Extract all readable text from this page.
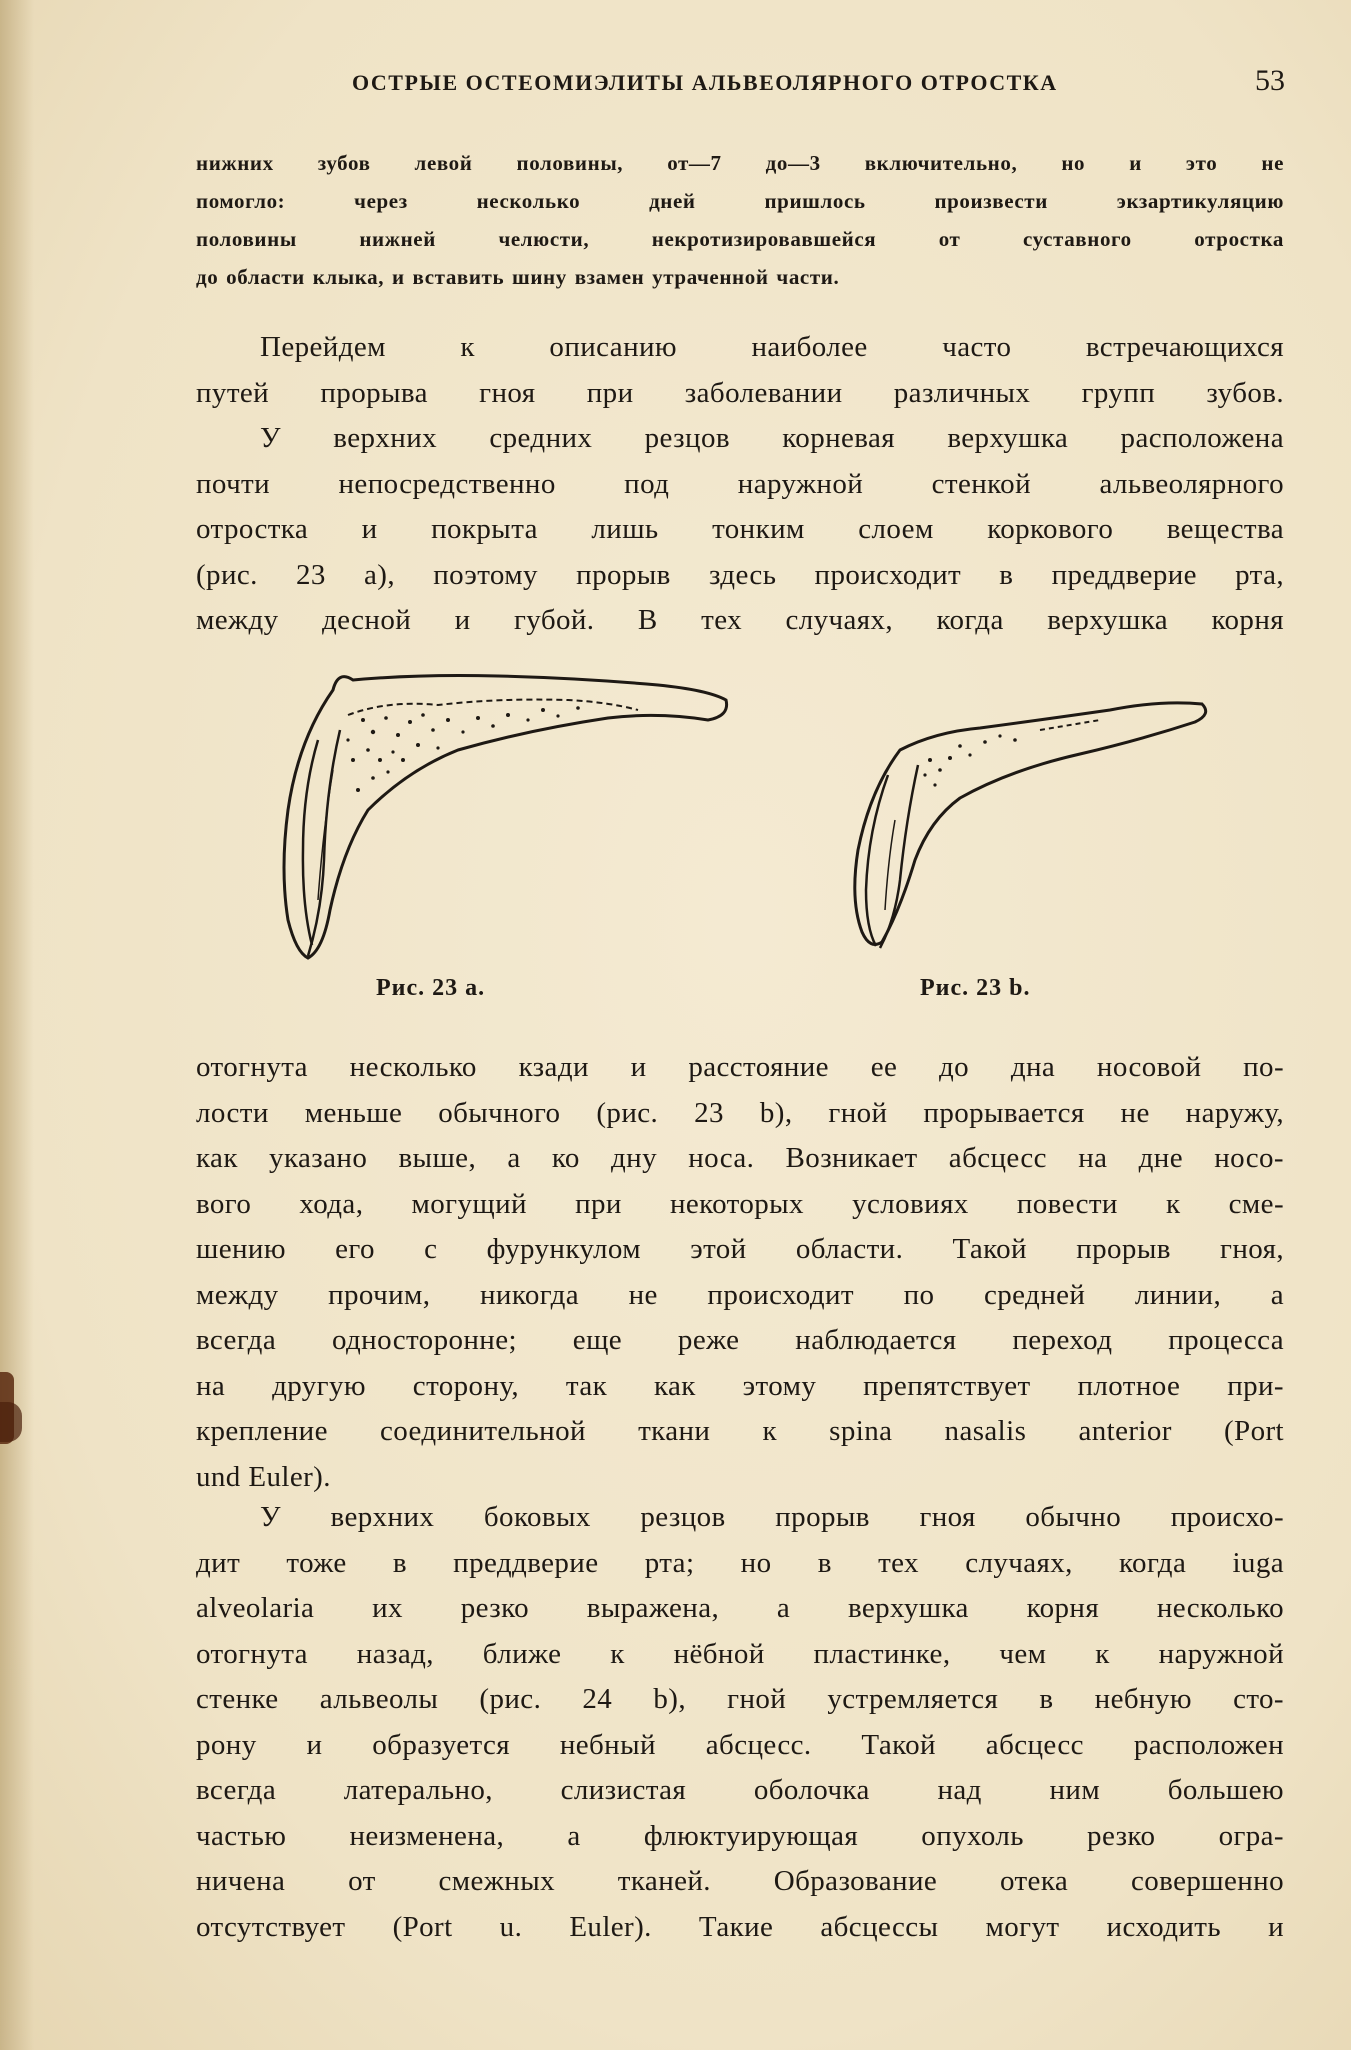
ОСТРЫЕ ОСТЕОМИЭЛИТЫ АЛЬВЕОЛЯРНОГО ОТРОСТКА	53
нижних зубов левой половины, от—7 до—3 включительно, но и это не
помогло: через несколько дней пришлось произвести экзартикуляцию
половины нижней челюсти, некротизировавшейся от суставного отростка
до области клыка, и вставить шину взамен утраченной части.
Перейдем к описанию наиболее часто встречающихся
путей прорыва гноя при заболевании различных групп зубов.
У верхних средних резцов корневая верхушка расположена
почти непосредственно под наружной стенкой альвеолярного
отростка и покрыта лишь тонким слоем коркового вещества
(рис. 23 а), поэтому прорыв здесь происходит в преддверие рта,
между десной и губой. В тех случаях, когда верхушка корня
Рис. 23 а.	Рис. 23 b.
отогнута несколько кзади и расстояние ее до дна носовой по-
лости меньше обычного (рис. 23 b), гной прорывается не наружу,
как указано выше, а ко дну носа. Возникает абсцесс на дне носо-
вого хода, могущий при некоторых условиях повести к сме-
шению его с фурункулом этой области. Такой прорыв гноя,
между прочим, никогда не происходит по средней линии, а
всегда односторонне; еще реже наблюдается переход процесса
на другую сторону, так как этому препятствует плотное при-
крепление соединительной ткани к spina nasalis anterior (Port
und Euler).
У верхних боковых резцов прорыв гноя обычно происхо-
дит тоже в преддверие рта; но в тех случаях, когда iuga
alveolaria их резко выражена, а верхушка корня несколько
отогнута назад, ближе к нёбной пластинке, чем к наружной
стенке альвеолы (рис. 24 b), гной устремляется в небную сто-
рону и образуется небный абсцесс. Такой абсцесс расположен
всегда латерально, слизистая оболочка над ним большею
частью неизменена, а флюктуирующая опухоль резко огра-
ничена от смежных тканей. Образование отека совершенно
отсутствует (Port u. Euler). Такие абсцессы могут исходить и
